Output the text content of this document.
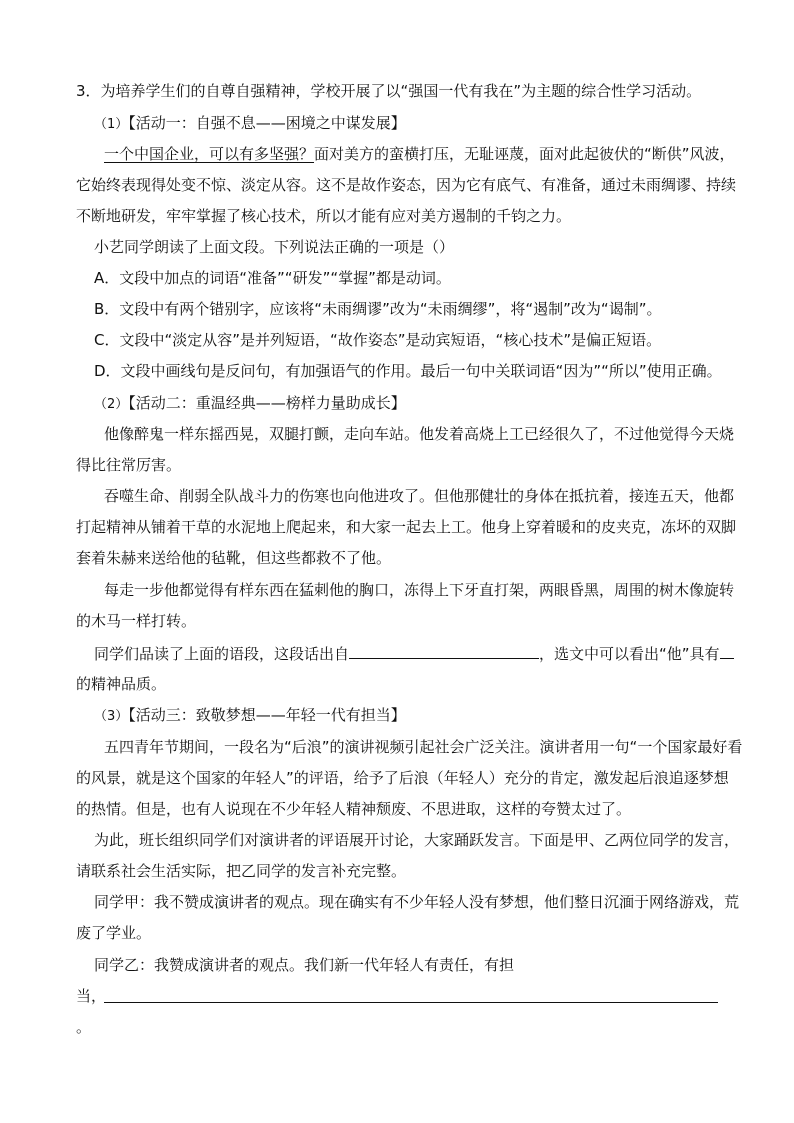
3．为培养学生们的自尊自强精神，学校开展了以“强国一代有我在”为主题的综合性学习活动。
（1）【活动一：自强不息——困境之中谋发展】
一个中国企业，可以有多坚强？面对美方的蛮横打压，无耻诬蔑，面对此起彼伏的“断供”风波，
它始终表现得处变不惊、淡定从容。这不是故作姿态，因为它有底气、有准备，通过未雨绸谬、持续
不断地研发，牢牢掌握了核心技术，所以才能有应对美方遏制的千钧之力。
小艺同学朗读了上面文段。下列说法正确的一项是（）
A．文段中加点的词语“准备”“研发”“掌握”都是动词。
B．文段中有两个错别字，应该将“未雨绸谬”改为“未雨绸缪”，将“遏制”改为“谒制”。
C．文段中“淡定从容”是并列短语，“故作姿态”是动宾短语，“核心技术”是偏正短语。
D．文段中画线句是反问句，有加强语气的作用。最后一句中关联词语“因为”“所以”使用正确。
（2）【活动二：重温经典——榜样力量助成长】
他像醉鬼一样东摇西晃，双腿打颤，走向车站。他发着高烧上工已经很久了，不过他觉得今天烧
得比往常厉害。
吞噬生命、削弱全队战斗力的伤寒也向他进攻了。但他那健壮的身体在抵抗着，接连五天，他都
打起精神从铺着干草的水泥地上爬起来，和大家一起去上工。他身上穿着暖和的皮夹克，冻坏的双脚
套着朱赫来送给他的毡靴，但这些都救不了他。
每走一步他都觉得有样东西在猛刺他的胸口，冻得上下牙直打架，两眼昏黑，周围的树木像旋转
的木马一样打转。
同学们品读了上面的语段，这段话出自	，选文中可以看出“他”具有
的精神品质。
（3）【活动三：致敬梦想——年轻一代有担当】
五四青年节期间，一段名为“后浪”的演讲视频引起社会广泛关注。演讲者用一句“一个国家最好看
的风景，就是这个国家的年轻人”的评语，给予了后浪（年轻人）充分的肯定，激发起后浪追逐梦想
的热情。但是，也有人说现在不少年轻人精神颓废、不思进取，这样的夸赞太过了。
为此，班长组织同学们对演讲者的评语展开讨论，大家踊跃发言。下面是甲、乙两位同学的发言，
请联系社会生活实际，把乙同学的发言补充完整。
同学甲：我不赞成演讲者的观点。现在确实有不少年轻人没有梦想，他们整日沉湎于网络游戏，荒
废了学业。
同学乙：我赞成演讲者的观点。我们新一代年轻人有责任，有担
当，
。
